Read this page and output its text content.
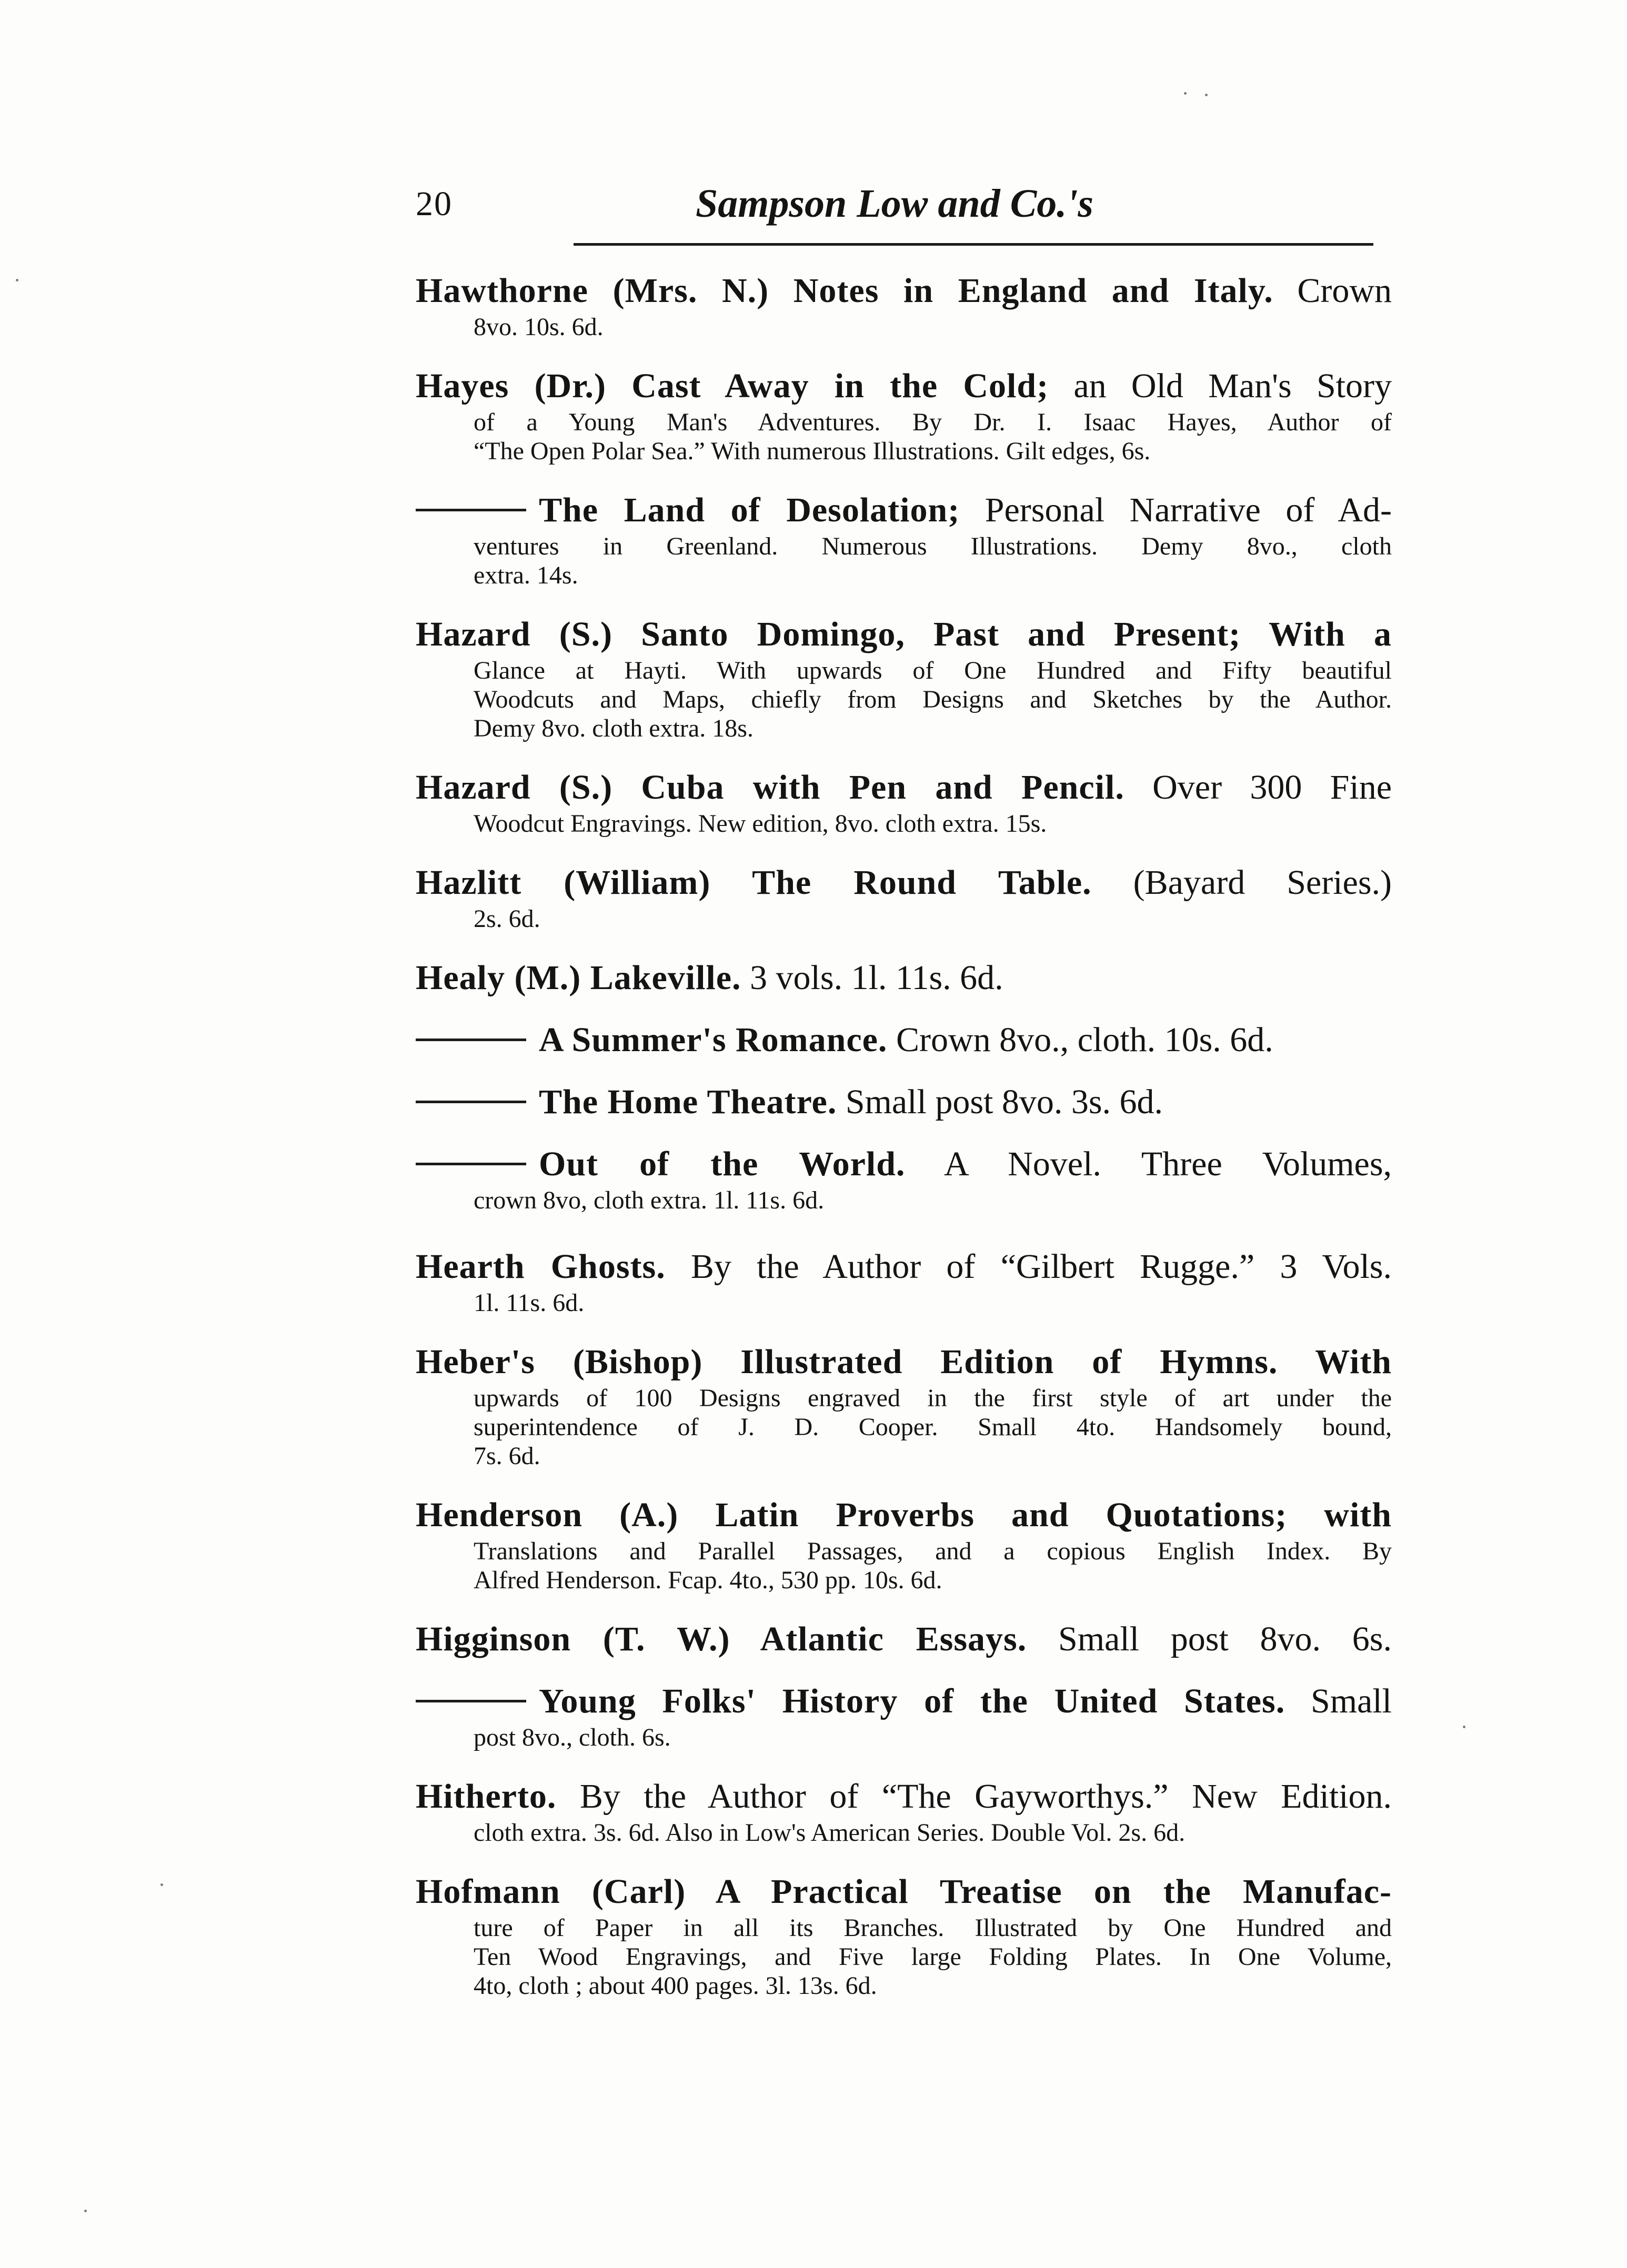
20	Sampson Low and Co.'s
Hawthorne (Mrs. N.) Notes in England and Italy. Crown
8vo. 10s. 6d.
Hayes (Dr.) Cast Away in the Cold; an Old Man's Story
of a Young Man's Adventures. By Dr. I. Isaac Hayes, Author of
“The Open Polar Sea.” With numerous Illustrations. Gilt edges, 6s.
The Land of Desolation; Personal Narrative of Ad-
ventures in Greenland. Numerous Illustrations. Demy 8vo., cloth
extra. 14s.
Hazard (S.) Santo Domingo, Past and Present; With a
Glance at Hayti. With upwards of One Hundred and Fifty beautiful
Woodcuts and Maps, chiefly from Designs and Sketches by the Author.
Demy 8vo. cloth extra. 18s.
Hazard (S.) Cuba with Pen and Pencil. Over 300 Fine
Woodcut Engravings. New edition, 8vo. cloth extra. 15s.
Hazlitt (William) The Round Table. (Bayard Series.)
2s. 6d.
Healy (M.) Lakeville. 3 vols. 1l. 11s. 6d.
A Summer's Romance. Crown 8vo., cloth. 10s. 6d.
The Home Theatre. Small post 8vo. 3s. 6d.
Out of the World. A Novel. Three Volumes,
crown 8vo, cloth extra. 1l. 11s. 6d.
Hearth Ghosts. By the Author of “Gilbert Rugge.” 3 Vols.
1l. 11s. 6d.
Heber's (Bishop) Illustrated Edition of Hymns. With
upwards of 100 Designs engraved in the first style of art under the
superintendence of J. D. Cooper. Small 4to. Handsomely bound,
7s. 6d.
Henderson (A.) Latin Proverbs and Quotations; with
Translations and Parallel Passages, and a copious English Index. By
Alfred Henderson. Fcap. 4to., 530 pp. 10s. 6d.
Higginson (T. W.) Atlantic Essays. Small post 8vo. 6s.
Young Folks' History of the United States. Small
post 8vo., cloth. 6s.
Hitherto. By the Author of “The Gayworthys.” New Edition.
cloth extra. 3s. 6d. Also in Low's American Series. Double Vol. 2s. 6d.
Hofmann (Carl) A Practical Treatise on the Manufac-
ture of Paper in all its Branches. Illustrated by One Hundred and
Ten Wood Engravings, and Five large Folding Plates. In One Volume,
4to, cloth ; about 400 pages. 3l. 13s. 6d.
